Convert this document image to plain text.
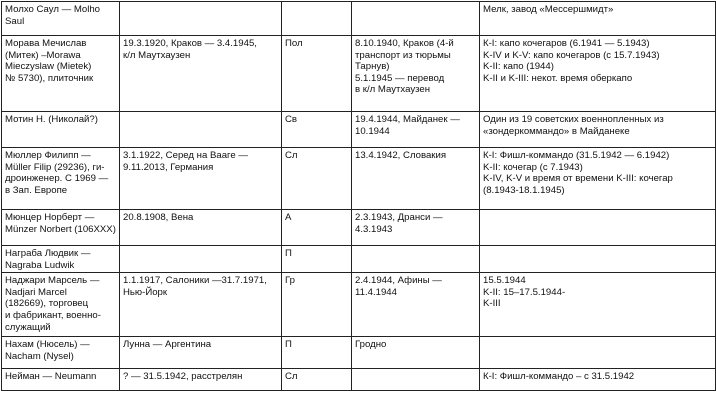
Молхо Саул — Molho
Saul				Мелк, завод «Мессершмидт»

Морава Мечислав
(Митек) –Morawa
Mieczyslaw (Mietek)
№ 5730), плиточник	19.3.1920, Краков — 3.4.1945,
к/л Маутхаузен	Пол	8.10.1940, Краков (4-й
транспорт из тюрьмы
Тарнув)
5.1.1945 — перевод
в к/л Маутхаузен	К-I: капо кочегаров (6.1941 — 5.1943)
K-IV и K-V: капо кочегаров (с 15.7.1943)
K-II: капо (1944)
K-II и K-III: некот. время оберкапо

Мотин Н. (Николай?)		Св	19.4.1944, Майданек —
10.1944	Один из 19 советских военнопленных из
«зондеркоммандо» в Майданеке

Мюллер Филипп —
Müller Filip (29236), ги-
дроинженер. С 1969 —
в Зап. Европе	3.1.1922, Серед на Вааге —
9.11.2013, Германия	Сл	13.4.1942, Словакия	К-I: Фишл-коммандо (31.5.1942 — 6.1942)
K-II: кочегар (с 7.1943)
K-IV, K-V и время от времени K-III: кочегар
(8.1943-18.1.1945)

Мюнцер Норберт —
Münzer Norbert (106XXX)	20.8.1908, Вена	А	2.3.1943, Дранси —
4.3.1943	

Награба Людвик —
Nagraba Ludwik		П		

Наджари Марсель —
Nadjari Marcel
(182669), торговец
и фабрикант, военно-
служащий	1.1.1917, Салоники —31.7.1971,
Нью-Йорк	Гр	2.4.1944, Афины —
11.4.1944	15.5.1944
K-II: 15–17.5.1944-
K-III

Нахам (Нюсель) —
Nacham (Nysel)	Лунна — Аргентина	П	Гродно	

Нейман — Neumann	? — 31.5.1942, расстрелян	Сл		К-I: Фишл-коммандо – с 31.5.1942
